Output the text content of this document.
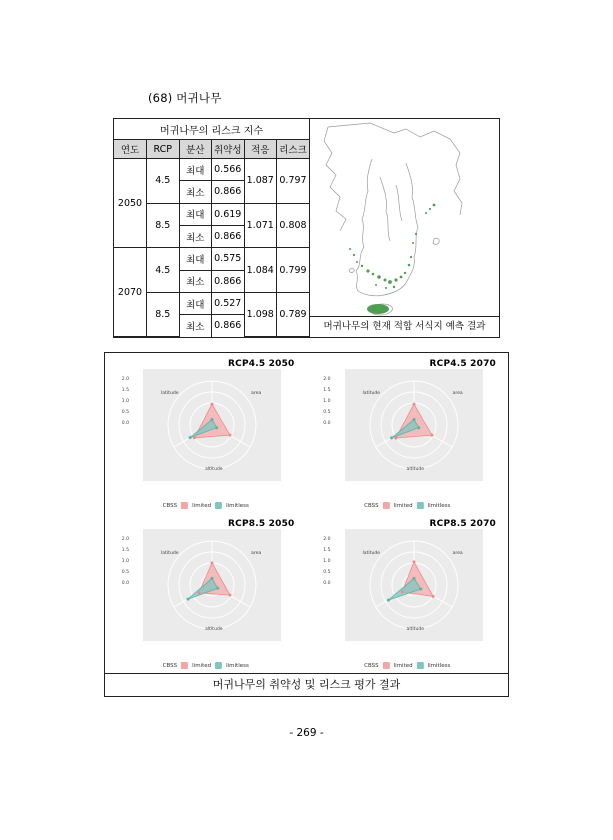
(68) 머귀나무
머귀나무의 리스크 지수					
연도	RCP	분산	취약성	적응	리스크
2050	4.5	최대	0.566	1.087	0.797
		최소	0.866		
	8.5	최대	0.619	1.071	0.808
		최소	0.866		
2070	4.5	최대	0.575	1.084	0.799
		최소	0.866		
	8.5	최대	0.527	1.098	0.789
		최소	0.866			머귀나무의 현재 적합 서식지 예측 결과
RCP4.5 2050
2.0
1.5
1.0
0.5
0.0
area
altitude
latitude
CBSS	limited	limitless
RCP4.5 2070
2.0
1.5
1.0
0.5
0.0
area
altitude
latitude
CBSS	limited	limitless
RCP8.5 2050
2.0
1.5
1.0
0.5
0.0
area
altitude
latitude
CBSS	limited	limitless
RCP8.5 2070
2.0
1.5
1.0
0.5
0.0
area
altitude
latitude
CBSS	limited	limitless
머귀나무의 취약성 및 리스크 평가 결과
- 269 -
